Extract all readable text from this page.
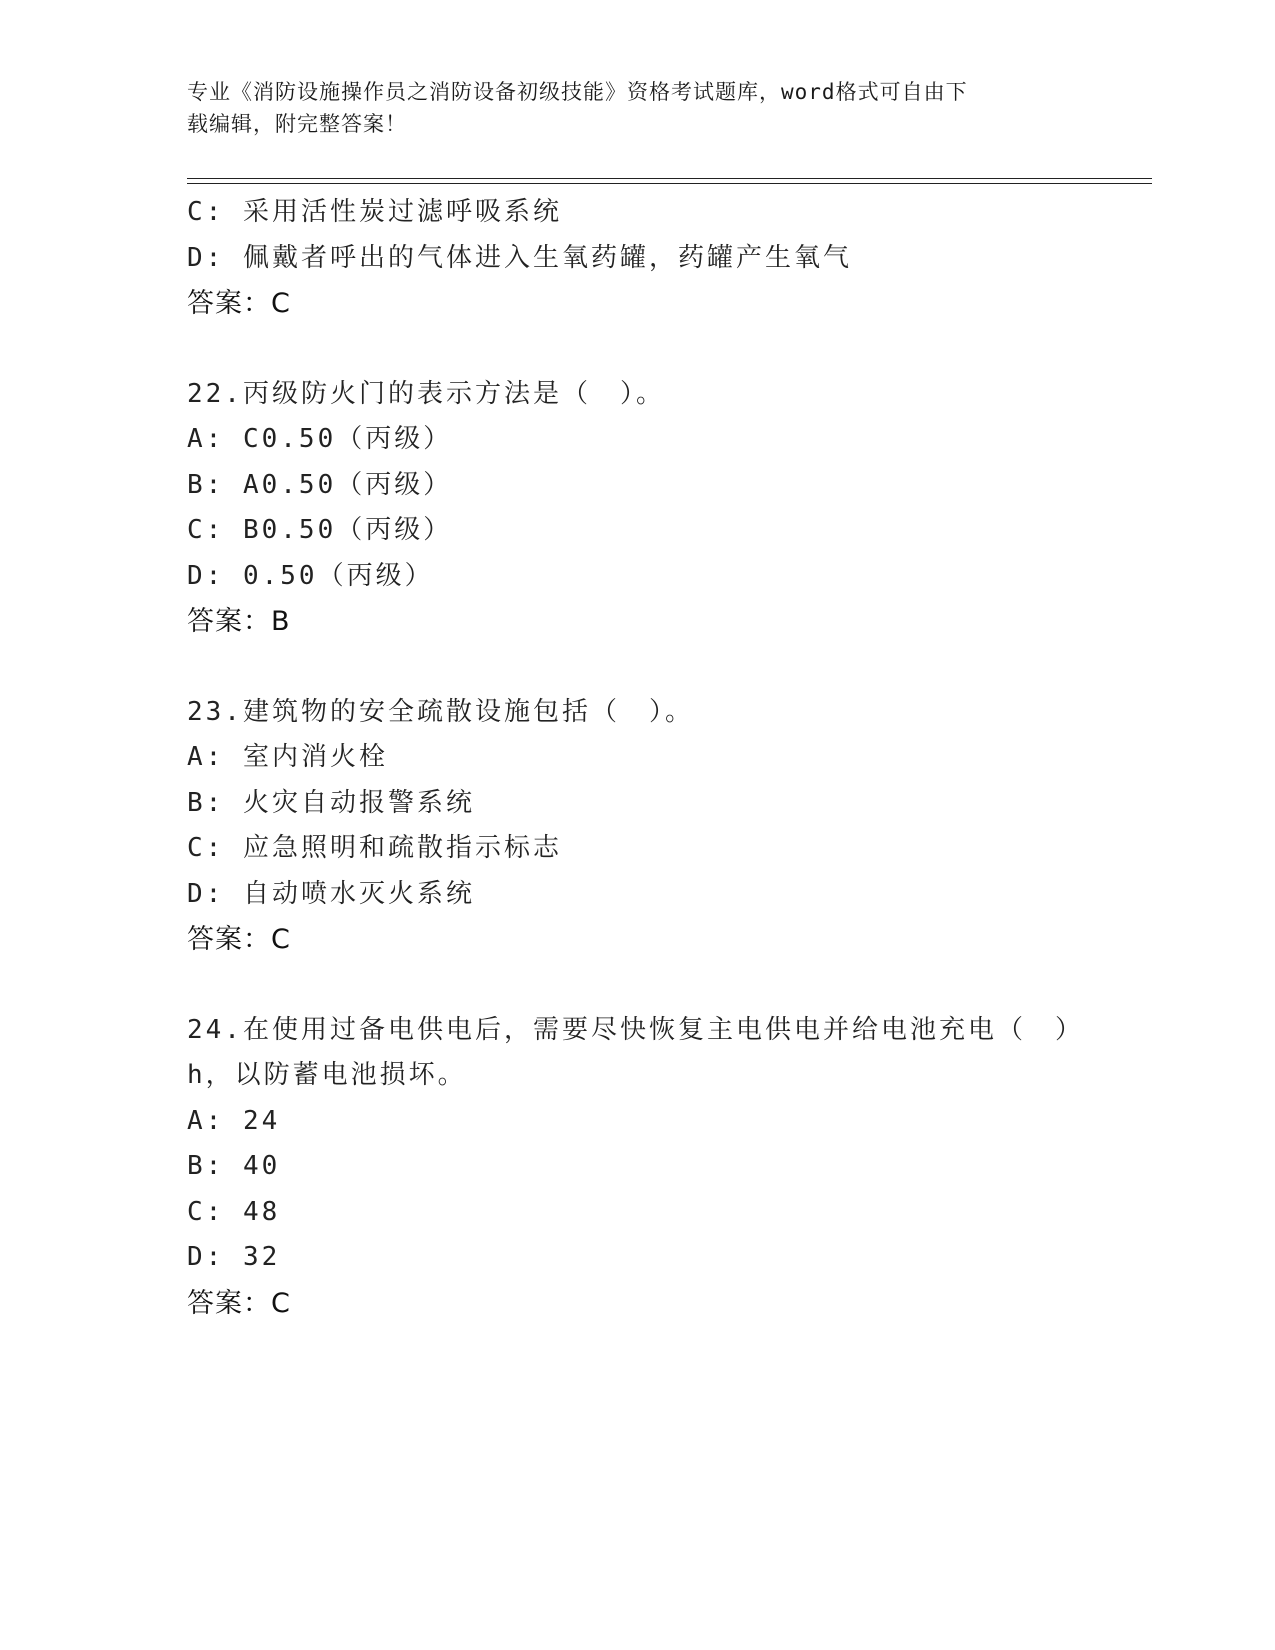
专业《消防设施操作员之消防设备初级技能》资格考试题库，word格式可自由下
载编辑，附完整答案！
C: 采用活性炭过滤呼吸系统
D: 佩戴者呼出的气体进入生氧药罐，药罐产生氧气
答案：C
22.丙级防火门的表示方法是（　）。
A: C0.50（丙级）
B: A0.50（丙级）
C: B0.50（丙级）
D: 0.50（丙级）
答案：B
23.建筑物的安全疏散设施包括（　）。
A: 室内消火栓
B: 火灾自动报警系统
C: 应急照明和疏散指示标志
D: 自动喷水灭火系统
答案：C
24.在使用过备电供电后，需要尽快恢复主电供电并给电池充电（　）
h，以防蓄电池损坏。
A: 24
B: 40
C: 48
D: 32
答案：C
